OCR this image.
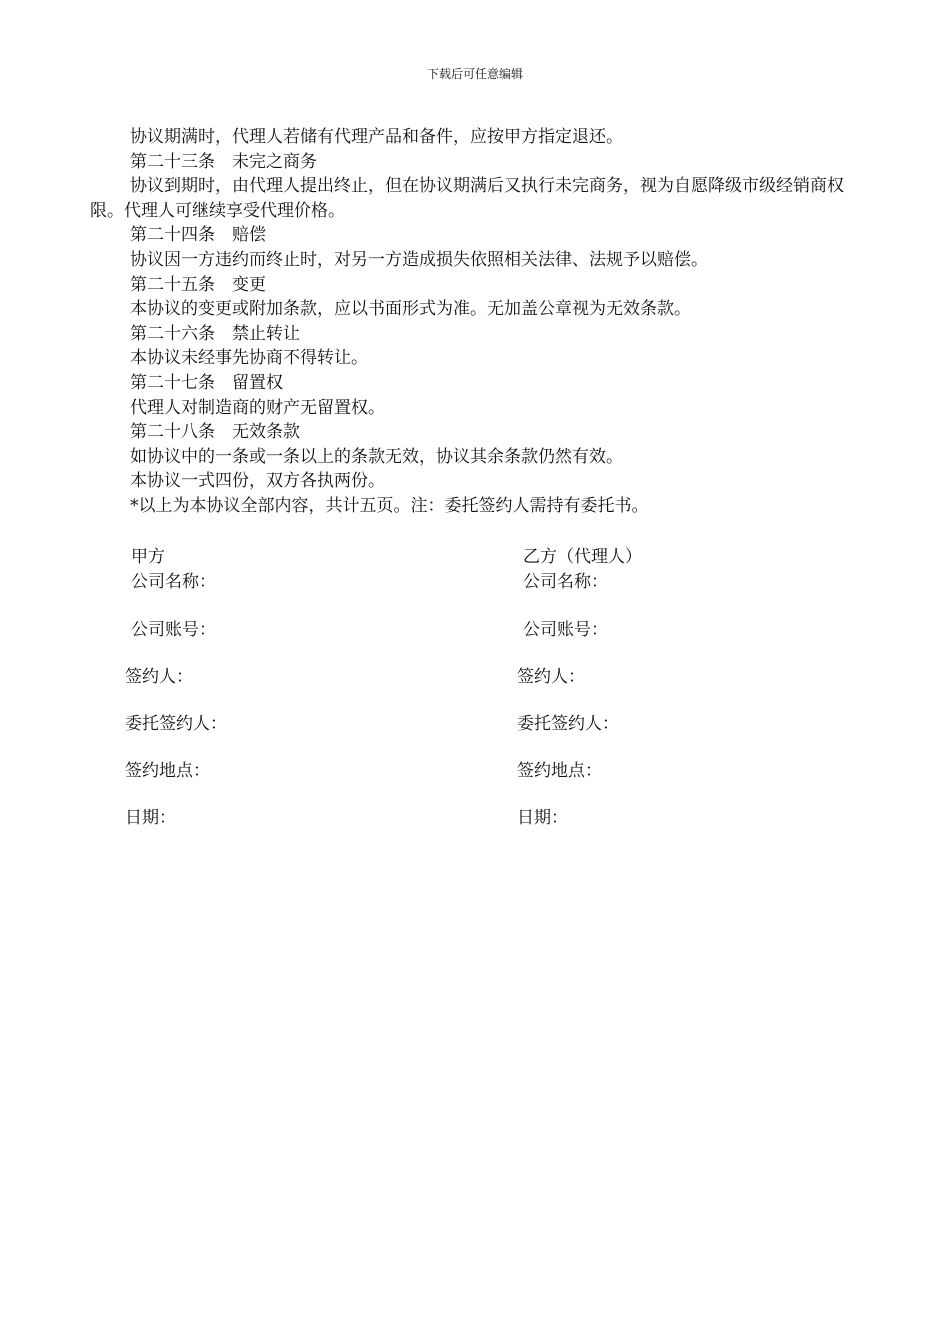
下载后可任意编辑

协议期满时，代理人若储有代理产品和备件，应按甲方指定退还。

第二十三条　未完之商务

协议到期时，由代理人提出终止，但在协议期满后又执行未完商务，视为自愿降级市级经销商权限。代理人可继续享受代理价格。

第二十四条　赔偿

协议因一方违约而终止时，对另一方造成损失依照相关法律、法规予以赔偿。

第二十五条　变更

本协议的变更或附加条款，应以书面形式为准。无加盖公章视为无效条款。

第二十六条　禁止转让

本协议未经事先协商不得转让。

第二十七条　留置权

代理人对制造商的财产无留置权。

第二十八条　无效条款

如协议中的一条或一条以上的条款无效，协议其余条款仍然有效。

本协议一式四份，双方各执两份。

*以上为本协议全部内容，共计五页。注：委托签约人需持有委托书。

甲方	乙方（代理人）
公司名称：	公司名称：
公司账号：	公司账号：
签约人：	签约人：
委托签约人：	委托签约人：
签约地点：	签约地点：
日期：	日期：
